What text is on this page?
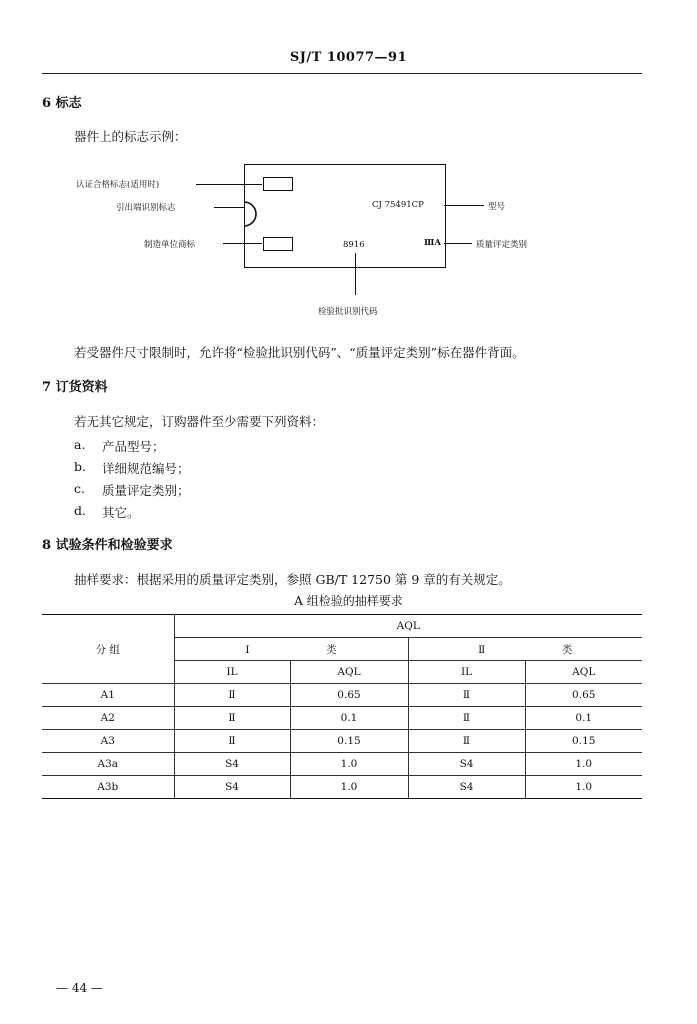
SJ/T 10077—91
6 标志
器件上的标志示例：
认证合格标志(适用时)
引出端识别标志
制造单位商标
CJ 75491CP	型号
ⅢA	质量评定类别
8916
检验批识别代码
若受器件尺寸限制时，允许将“检验批识别代码”、“质量评定类别”标在器件背面。
7 订货资料
若无其它规定，订购器件至少需要下列资料：
a. 产品型号；
b. 详细规范编号；
c. 质量评定类别；
d. 其它。
8 试验条件和检验要求
抽样要求：根据采用的质量评定类别，参照 GB/T 12750 第 9 章的有关规定。
A 组检验的抽样要求
分 组	AQL			
	Ⅰ 类		Ⅱ 类	
	IL	AQL	IL	AQL
A1	Ⅱ	0.65	Ⅱ	0.65
A2	Ⅱ	0.1	Ⅱ	0.1
A3	Ⅱ	0.15	Ⅱ	0.15
A3a	S4	1.0	S4	1.0
A3b	S4	1.0	S4	1.0
— 44 —
